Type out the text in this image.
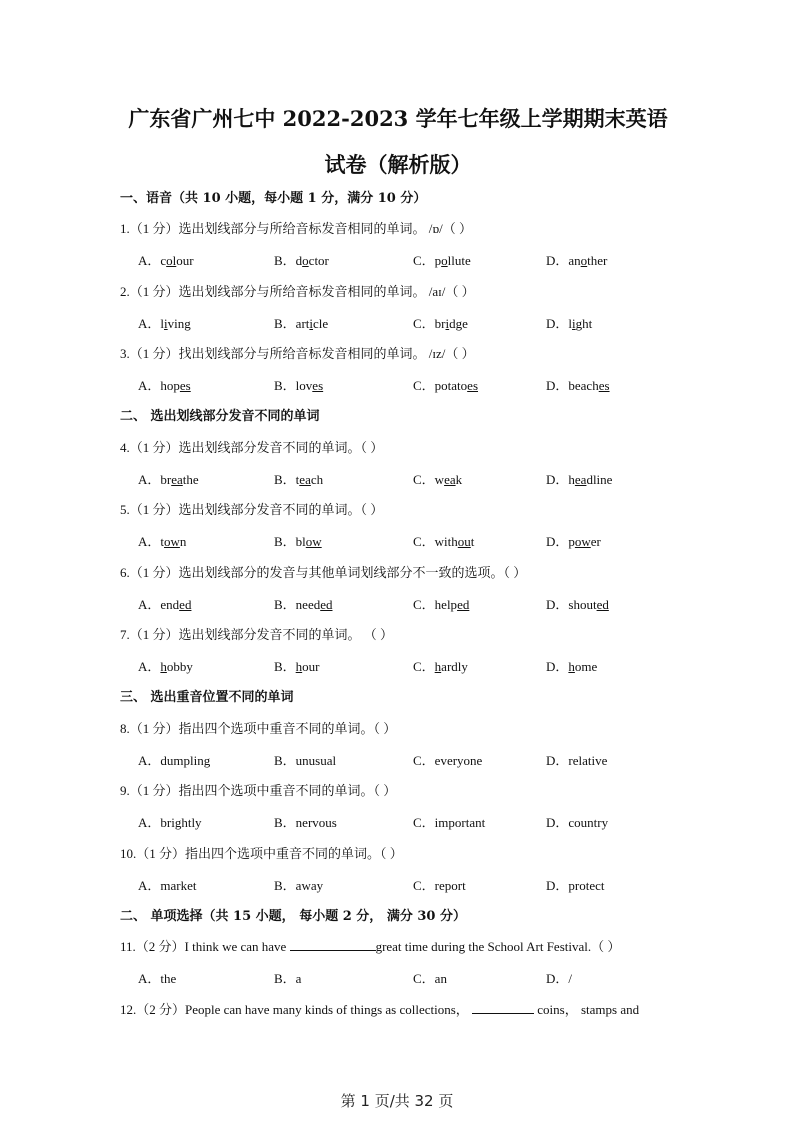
广东省广州七中 2022-2023 学年七年级上学期期末英语试卷（解析版）
一、语音（共 10 小题，每小题 1 分，满分 10 分）
1.（1 分）选出划线部分与所给音标发音相同的单词。 /ɒ/（ ）
A．colour	B．doctor	C．pollute	D．another
2.（1 分）选出划线部分与所给音标发音相同的单词。 /aɪ/（ ）
A．living	B．article	C．bridge	D．light
3.（1 分）找出划线部分与所给音标发音相同的单词。 /ɪz/（ ）
A．hopes	B．loves	C．potatoes	D．beaches
二、 选出划线部分发音不同的单词
4.（1 分）选出划线部分发音不同的单词。（ ）
A．breathe	B．teach	C．weak	D．headline
5.（1 分）选出划线部分发音不同的单词。（ ）
A．town	B．blow	C．without	D．power
6.（1 分）选出划线部分的发音与其他单词划线部分不一致的选项。（ ）
A．ended	B．needed	C．helped	D．shouted
7.（1 分）选出划线部分发音不同的单词。 （ ）
A．hobby	B．hour	C．hardly	D．home
三、 选出重音位置不同的单词
8.（1 分）指出四个选项中重音不同的单词。（ ）
A．dumpling	B．unusual	C．everyone	D．relative
9.（1 分）指出四个选项中重音不同的单词。（ ）
A．brightly	B．nervous	C．important	D．country
10.（1 分）指出四个选项中重音不同的单词。（ ）
A．market	B．away	C．report	D．protect
二、 单项选择（共 15 小题， 每小题 2 分， 满分 30 分）
11.（2 分）I think we can have	great time during the School Art Festival.（ ）
A．the	B．a	C．an	D．/
12.（2 分）People can have many kinds of things as collections，	coins， stamps and
第 1 页/共 32 页
